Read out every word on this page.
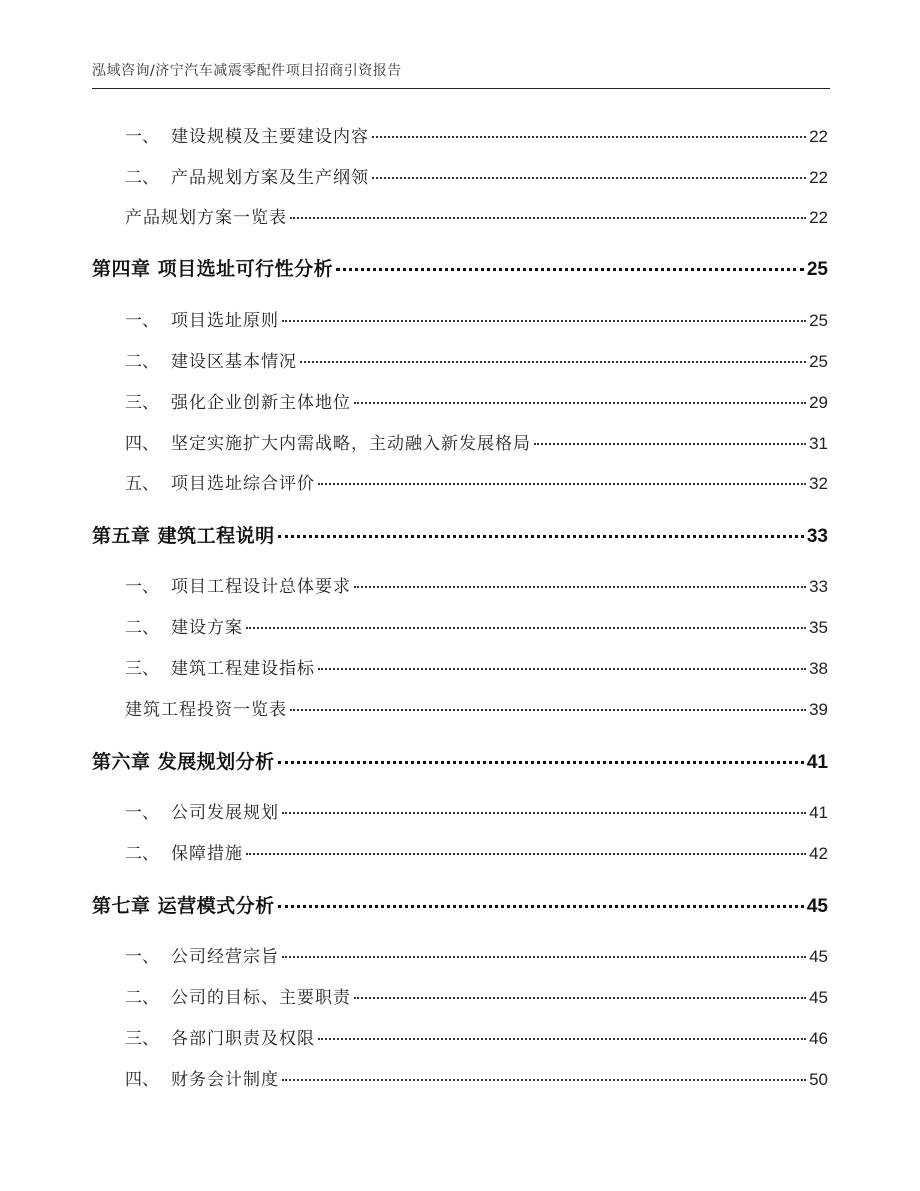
泓域咨询/济宁汽车减震零配件项目招商引资报告
一、 建设规模及主要建设内容	22
二、 产品规划方案及生产纲领	22
产品规划方案一览表	22
第四章 项目选址可行性分析	25
一、 项目选址原则	25
二、 建设区基本情况	25
三、 强化企业创新主体地位	29
四、 坚定实施扩大内需战略，主动融入新发展格局	31
五、 项目选址综合评价	32
第五章 建筑工程说明	33
一、 项目工程设计总体要求	33
二、 建设方案	35
三、 建筑工程建设指标	38
建筑工程投资一览表	39
第六章 发展规划分析	41
一、 公司发展规划	41
二、 保障措施	42
第七章 运营模式分析	45
一、 公司经营宗旨	45
二、 公司的目标、主要职责	45
三、 各部门职责及权限	46
四、 财务会计制度	50
